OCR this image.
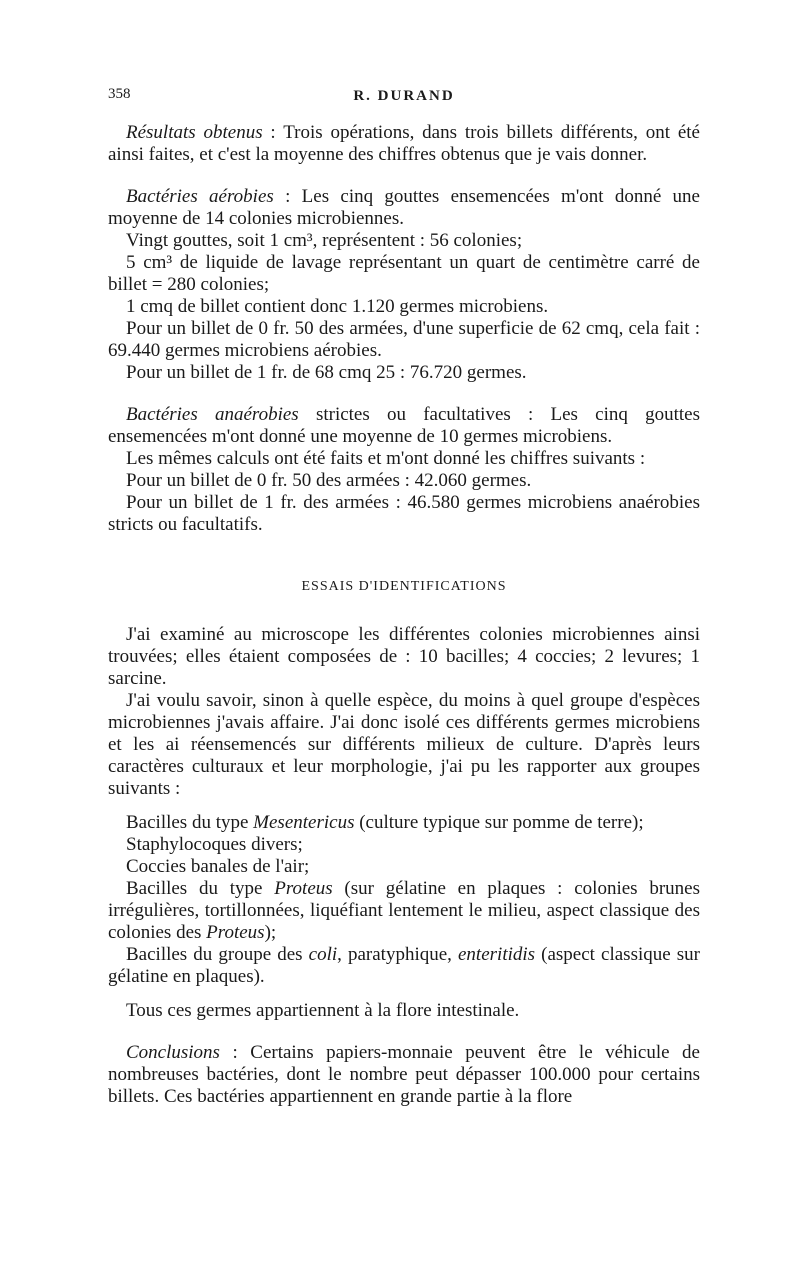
358	R. DURAND

Résultats obtenus : Trois opérations, dans trois billets différents, ont été ainsi faites, et c'est la moyenne des chiffres obtenus que je vais donner.

Bactéries aérobies : Les cinq gouttes ensemencées m'ont donné une moyenne de 14 colonies microbiennes.

Vingt gouttes, soit 1 cm³, représentent : 56 colonies;

5 cm³ de liquide de lavage représentant un quart de centimètre carré de billet = 280 colonies;

1 cmq de billet contient donc 1.120 germes microbiens.

Pour un billet de 0 fr. 50 des armées, d'une superficie de 62 cmq, cela fait : 69.440 germes microbiens aérobies.

Pour un billet de 1 fr. de 68 cmq 25 : 76.720 germes.

Bactéries anaérobies strictes ou facultatives : Les cinq gouttes ensemencées m'ont donné une moyenne de 10 germes microbiens.

Les mêmes calculs ont été faits et m'ont donné les chiffres suivants :

Pour un billet de 0 fr. 50 des armées : 42.060 germes.

Pour un billet de 1 fr. des armées : 46.580 germes microbiens anaérobies stricts ou facultatifs.

ESSAIS D'IDENTIFICATIONS

J'ai examiné au microscope les différentes colonies microbiennes ainsi trouvées; elles étaient composées de : 10 bacilles; 4 coccies; 2 levures; 1 sarcine.

J'ai voulu savoir, sinon à quelle espèce, du moins à quel groupe d'espèces microbiennes j'avais affaire. J'ai donc isolé ces différents germes microbiens et les ai réensemencés sur différents milieux de culture. D'après leurs caractères culturaux et leur morphologie, j'ai pu les rapporter aux groupes suivants :

Bacilles du type Mesentericus (culture typique sur pomme de terre);

Staphylocoques divers;

Coccies banales de l'air;

Bacilles du type Proteus (sur gélatine en plaques : colonies brunes irrégulières, tortillonnées, liquéfiant lentement le milieu, aspect classique des colonies des Proteus);

Bacilles du groupe des coli, paratyphique, enteritidis (aspect classique sur gélatine en plaques).

Tous ces germes appartiennent à la flore intestinale.

Conclusions : Certains papiers-monnaie peuvent être le véhicule de nombreuses bactéries, dont le nombre peut dépasser 100.000 pour certains billets. Ces bactéries appartiennent en grande partie à la flore
